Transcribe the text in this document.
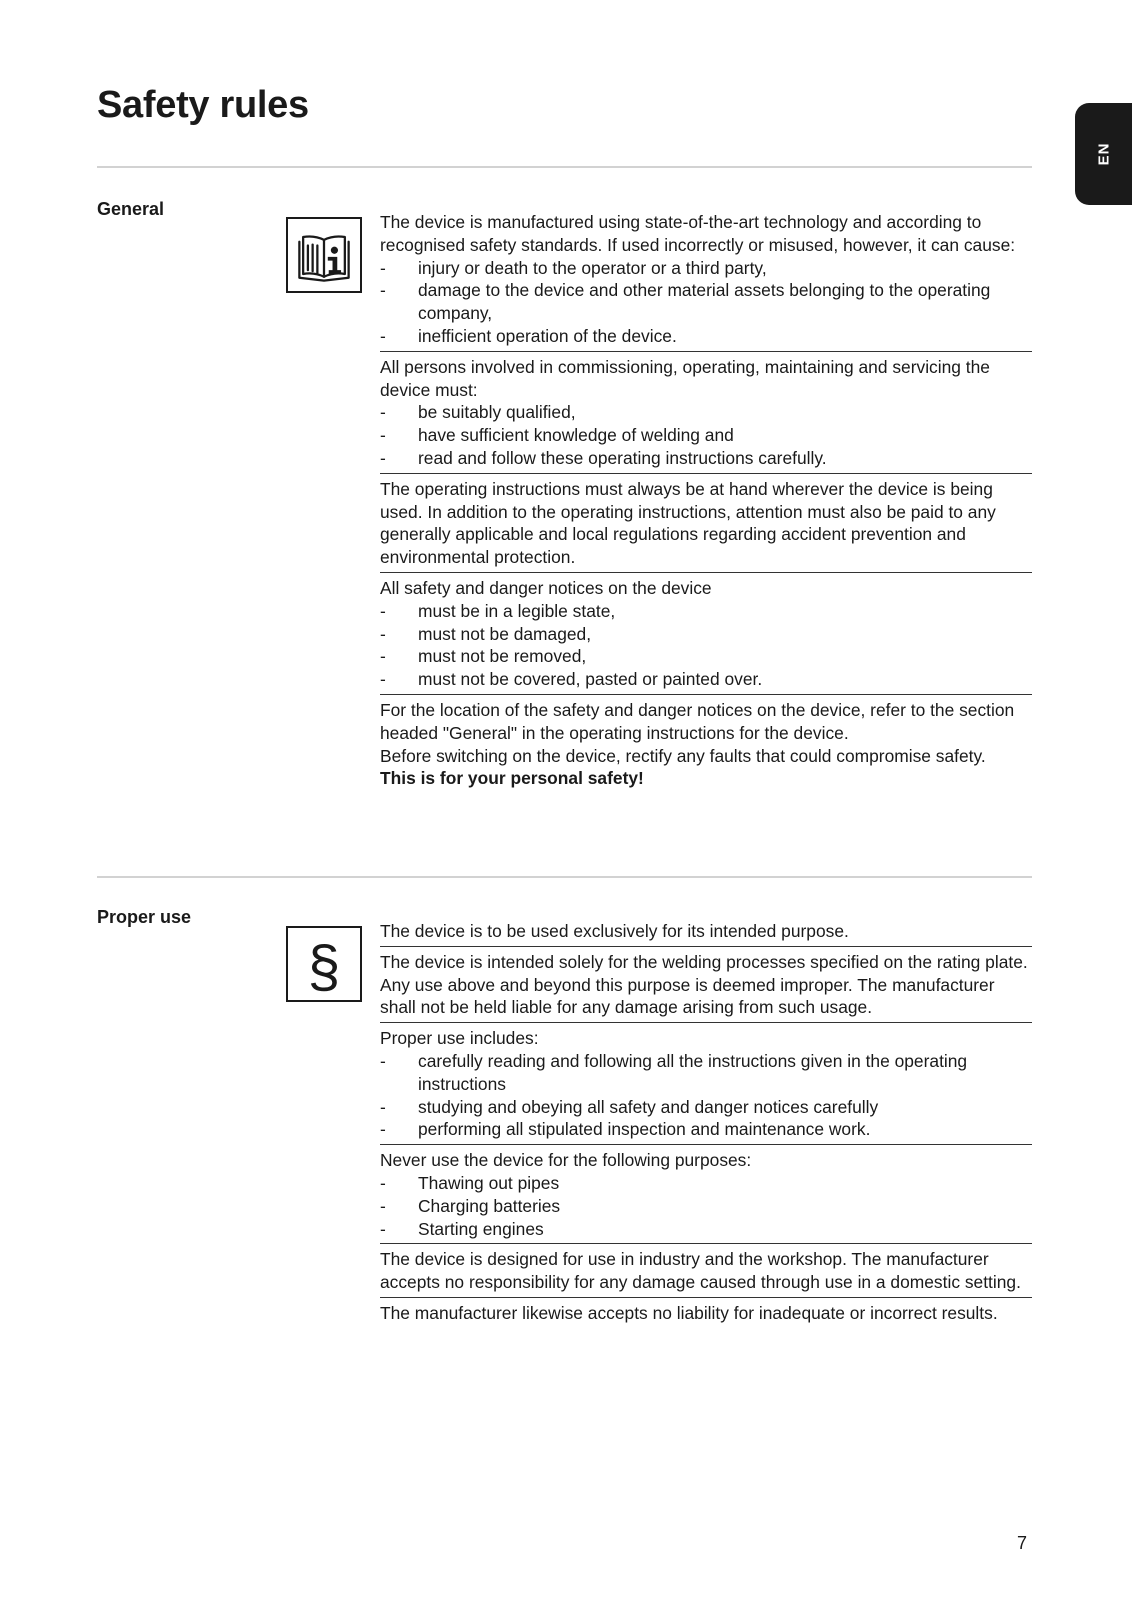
Safety rules
EN
General

The device is manufactured using state-of-the-art technology and according to recognised safety standards. If used incorrectly or misused, however, it can cause:

- injury or death to the operator or a third party,
- damage to the device and other material assets belonging to the operating company,
- inefficient operation of the device.

All persons involved in commissioning, operating, maintaining and servicing the device must:

- be suitably qualified,
- have sufficient knowledge of welding and
- read and follow these operating instructions carefully.

The operating instructions must always be at hand wherever the device is being used. In addition to the operating instructions, attention must also be paid to any generally applicable and local regulations regarding accident prevention and environmental protection.

All safety and danger notices on the device

- must be in a legible state,
- must not be damaged,
- must not be removed,
- must not be covered, pasted or painted over.

For the location of the safety and danger notices on the device, refer to the section headed "General" in the operating instructions for the device.

Before switching on the device, rectify any faults that could compromise safety.

This is for your personal safety!

Proper use
§

The device is to be used exclusively for its intended purpose.

The device is intended solely for the welding processes specified on the rating plate.

Any use above and beyond this purpose is deemed improper. The manufacturer shall not be held liable for any damage arising from such usage.

Proper use includes:

- carefully reading and following all the instructions given in the operating instructions
- studying and obeying all safety and danger notices carefully
- performing all stipulated inspection and maintenance work.

Never use the device for the following purposes:

- Thawing out pipes
- Charging batteries
- Starting engines

The device is designed for use in industry and the workshop. The manufacturer accepts no responsibility for any damage caused through use in a domestic setting.

The manufacturer likewise accepts no liability for inadequate or incorrect results.

7
